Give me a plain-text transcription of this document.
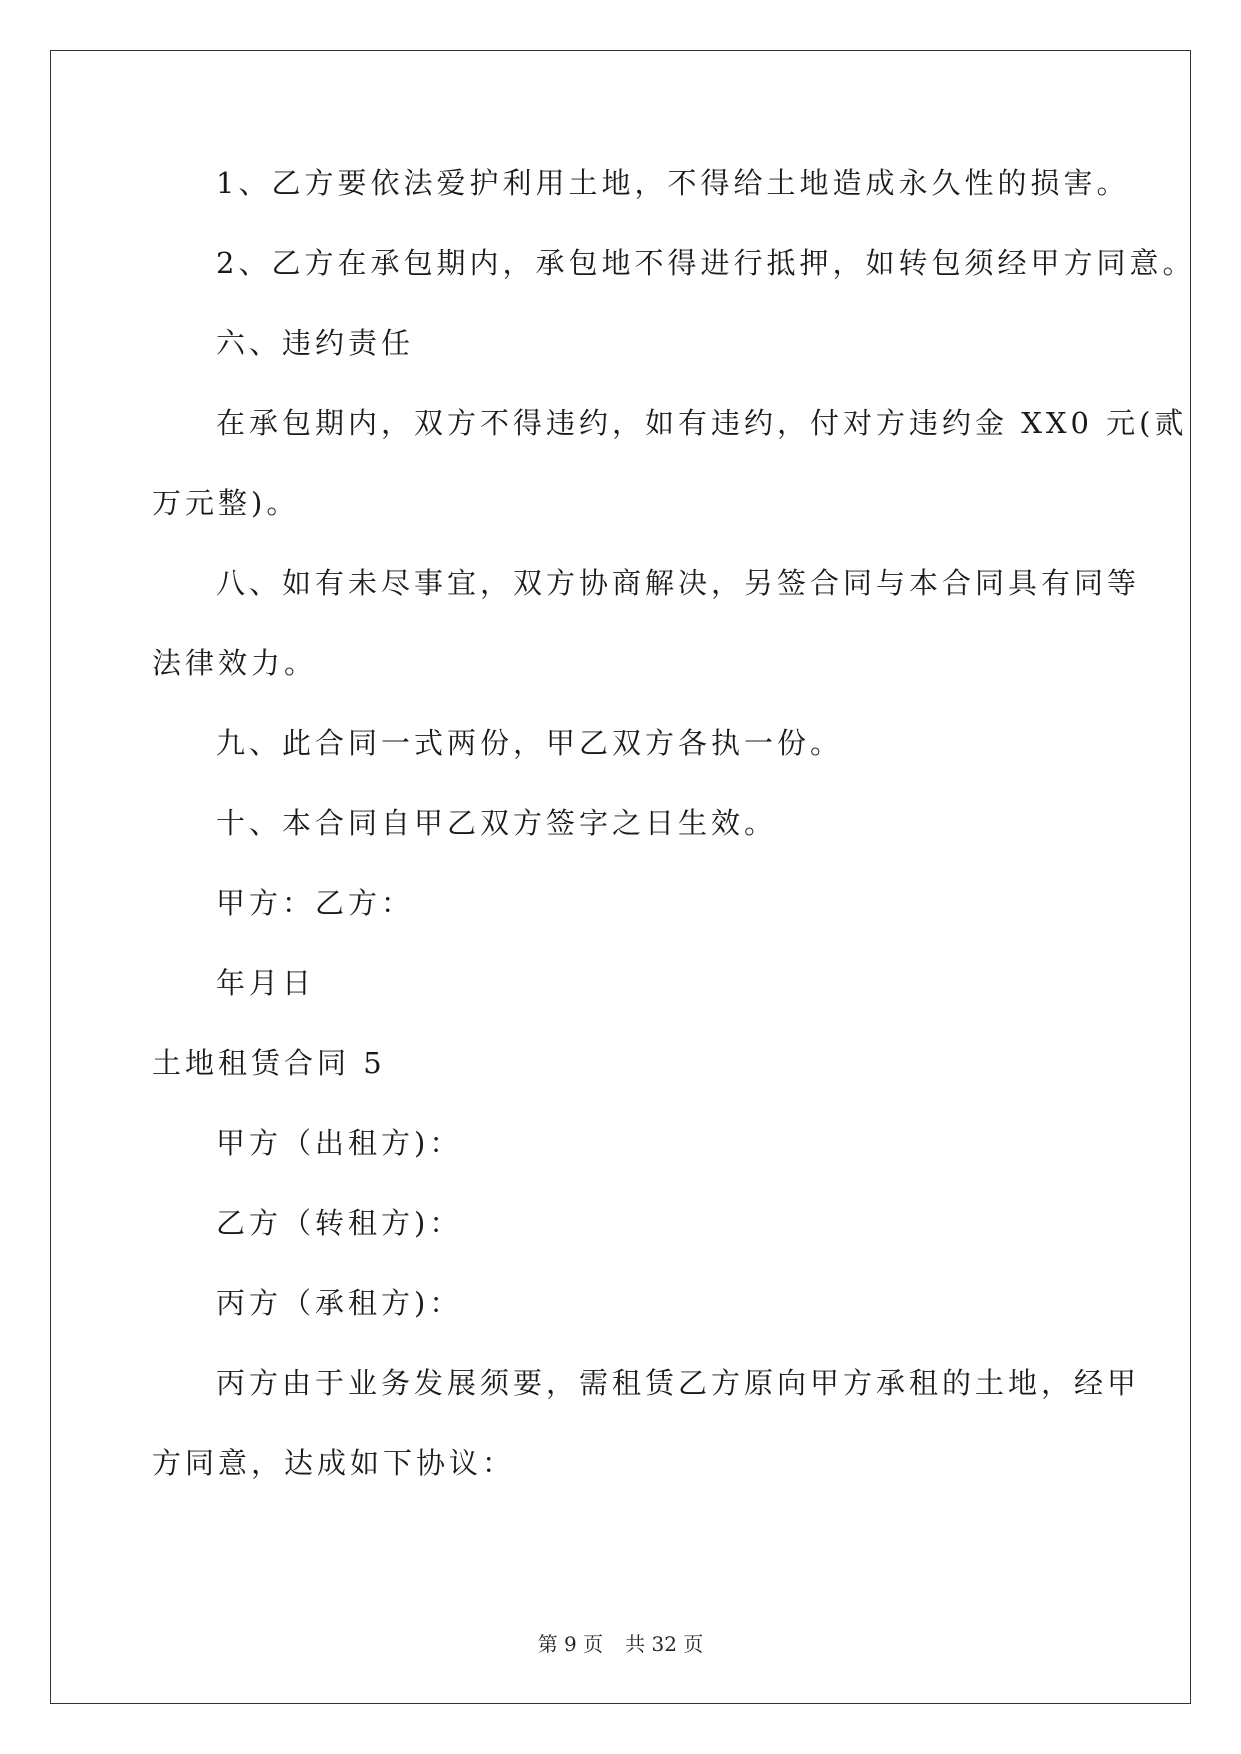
1、乙方要依法爱护利用土地，不得给土地造成永久性的损害。
2、乙方在承包期内，承包地不得进行抵押，如转包须经甲方同意。
六、违约责任
在承包期内，双方不得违约，如有违约，付对方违约金 XX0 元(贰
万元整)。
八、如有未尽事宜，双方协商解决，另签合同与本合同具有同等
法律效力。
九、此合同一式两份，甲乙双方各执一份。
十、本合同自甲乙双方签字之日生效。
甲方：乙方：
年月日
土地租赁合同 5
甲方（出租方)：
乙方（转租方)：
丙方（承租方)：
丙方由于业务发展须要，需租赁乙方原向甲方承租的土地，经甲
方同意，达成如下协议：
第 9 页 共 32 页
